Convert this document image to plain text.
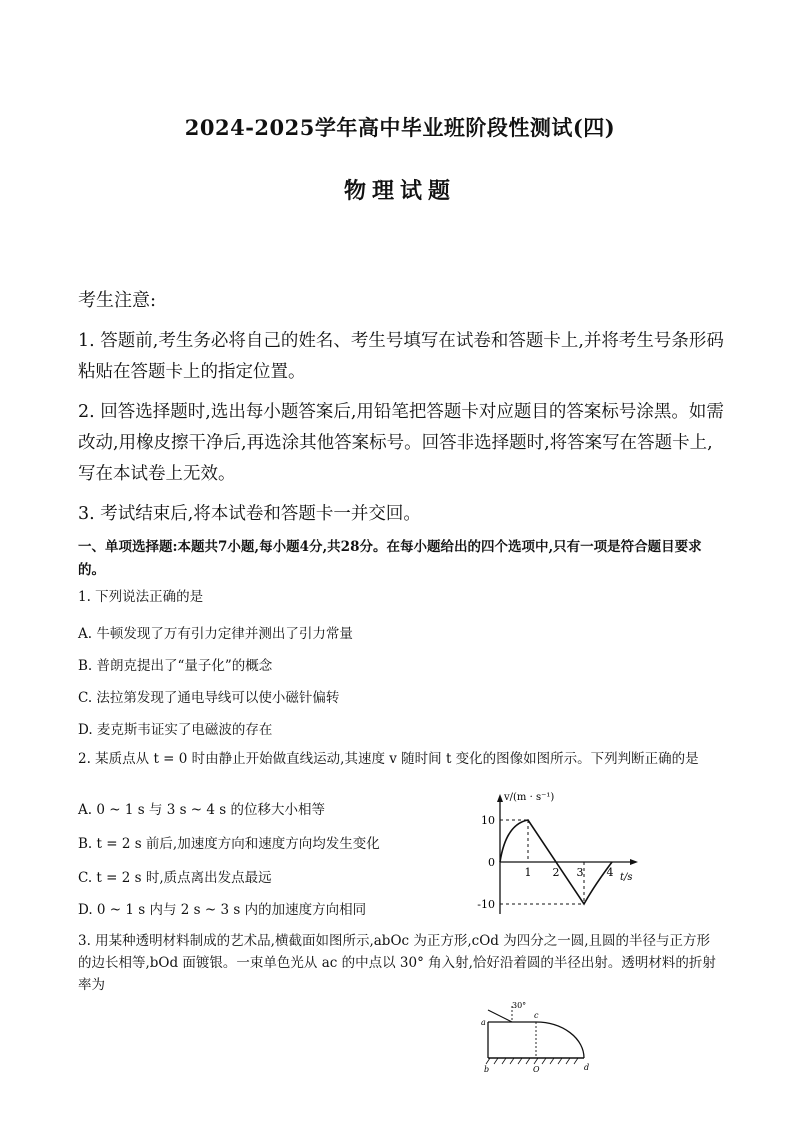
2024-2025学年高中毕业班阶段性测试(四)
物理试题
考生注意:
1. 答题前,考生务必将自己的姓名、考生号填写在试卷和答题卡上,并将考生号条形码粘贴在答题卡上的指定位置。
2. 回答选择题时,选出每小题答案后,用铅笔把答题卡对应题目的答案标号涂黑。如需改动,用橡皮擦干净后,再选涂其他答案标号。回答非选择题时,将答案写在答题卡上,写在本试卷上无效。
3. 考试结束后,将本试卷和答题卡一并交回。
一、单项选择题:本题共7小题,每小题4分,共28分。在每小题给出的四个选项中,只有一项是符合题目要求的。
1. 下列说法正确的是
A. 牛顿发现了万有引力定律并测出了引力常量
B. 普朗克提出了“量子化”的概念
C. 法拉第发现了通电导线可以使小磁针偏转
D. 麦克斯韦证实了电磁波的存在
2. 某质点从 t = 0 时由静止开始做直线运动,其速度 v 随时间 t 变化的图像如图所示。下列判断正确的是
A. 0 ~ 1 s 与 3 s ~ 4 s 的位移大小相等
B. t = 2 s 前后,加速度方向和速度方向均发生变化
C. t = 2 s 时,质点离出发点最远
D. 0 ~ 1 s 内与 2 s ~ 3 s 内的加速度方向相同
v/(m · s⁻¹)
t/s
10
0
-10
1 2 3 4
3. 用某种透明材料制成的艺术品,横截面如图所示,abOc 为正方形,cOd 为四分之一圆,且圆的半径与正方形的边长相等,bOd 面镀银。一束单色光从 ac 的中点以 30° 角入射,恰好沿着圆的半径出射。透明材料的折射率为
30°
a
c
b	O	d
